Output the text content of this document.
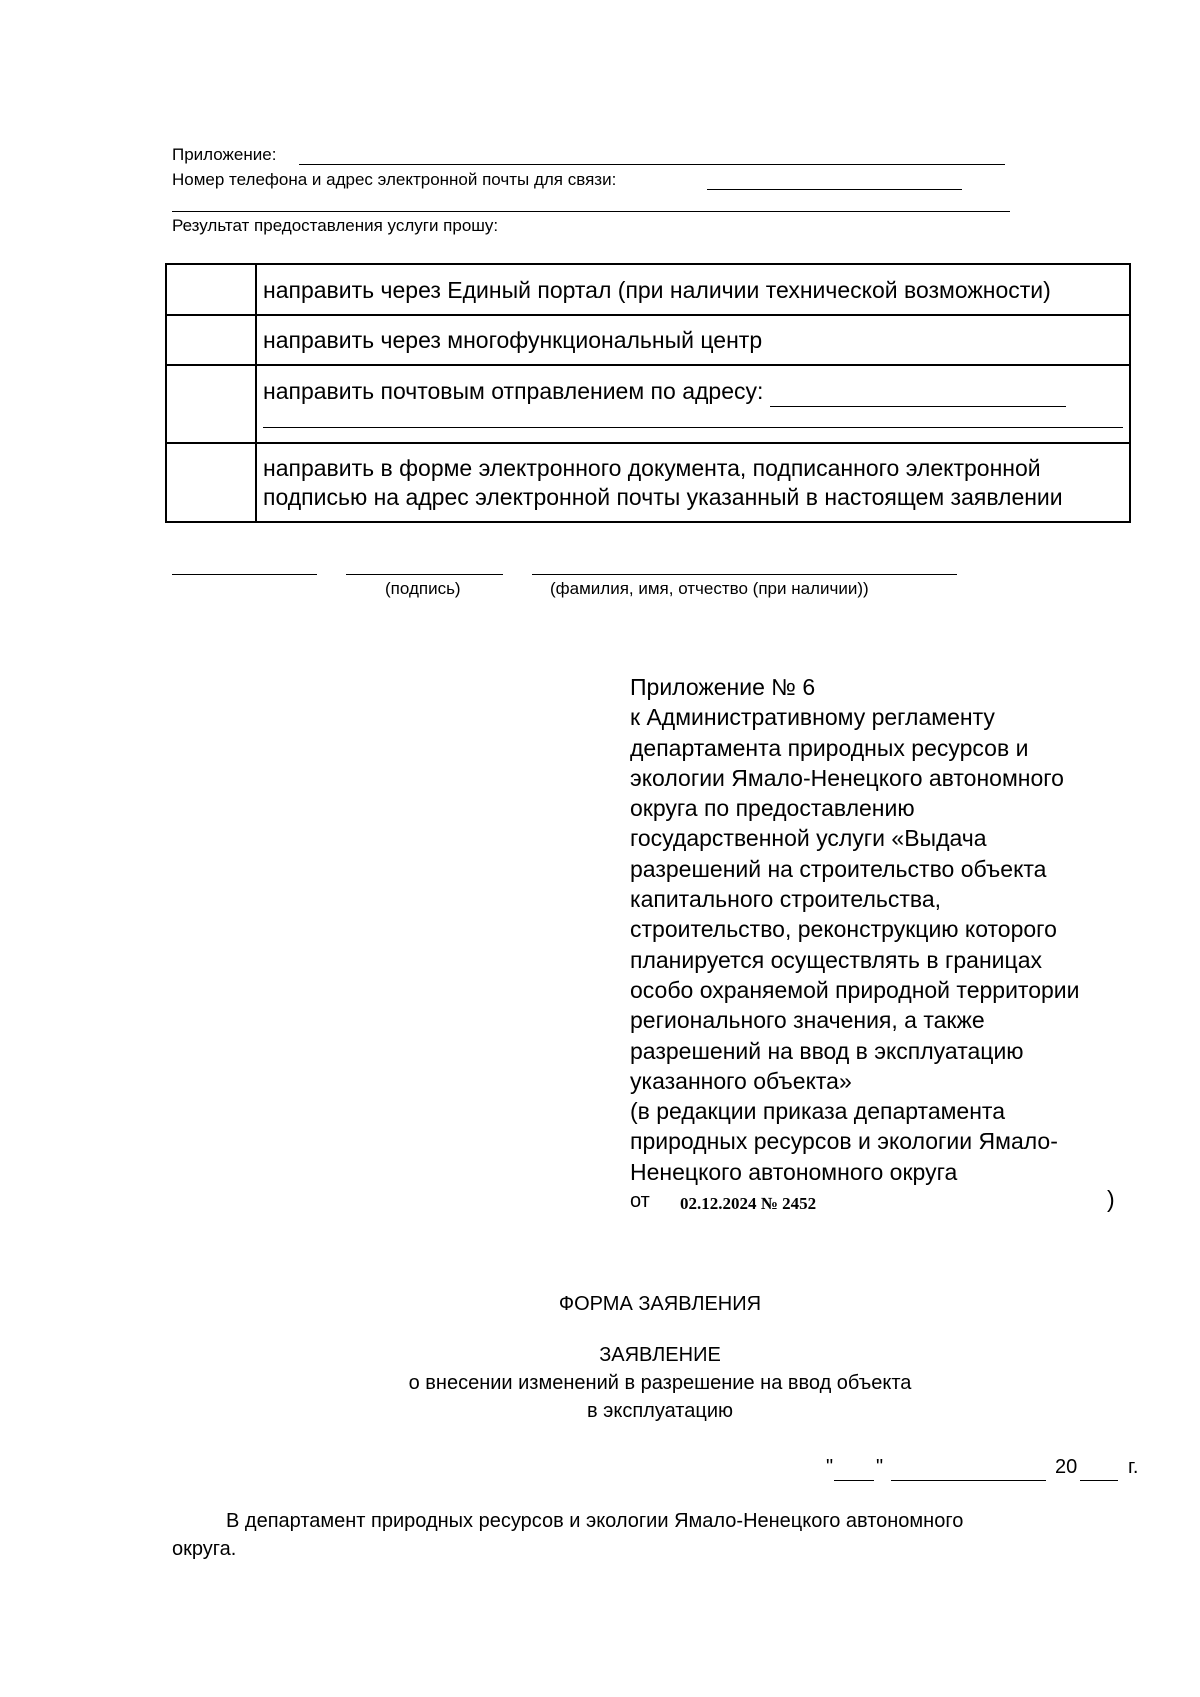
Приложение:
Номер телефона и адрес электронной почты для связи:
Результат предоставления услуги прошу:

	направить через Единый портал (при наличии технической возможности)

	направить через многофункциональный центр

	направить почтовым отправлением по адресу:

	направить в форме электронного документа, подписанного электронной
подписью на адрес электронной почты указанный в настоящем заявлении
(подпись)	(фамилия, имя, отчество (при наличии))
Приложение № 6
к Административному регламенту
департамента природных ресурсов и
экологии Ямало-Ненецкого автономного
округа по предоставлению
государственной услуги «Выдача
разрешений на строительство объекта
капитального строительства,
строительство, реконструкцию которого
планируется осуществлять в границах
особо охраняемой природной территории
регионального значения, а также
разрешений на ввод в эксплуатацию
указанного объекта»
(в редакции приказа департамента
природных ресурсов и экологии Ямало-
Ненецкого автономного округа
от 02.12.2024 № 2452	)
ФОРМА ЗАЯВЛЕНИЯ
ЗАЯВЛЕНИЕ
о внесении изменений в разрешение на ввод объекта
в эксплуатацию
" "	20	г.
В департамент природных ресурсов и экологии Ямало-Ненецкого автономного
округа.
